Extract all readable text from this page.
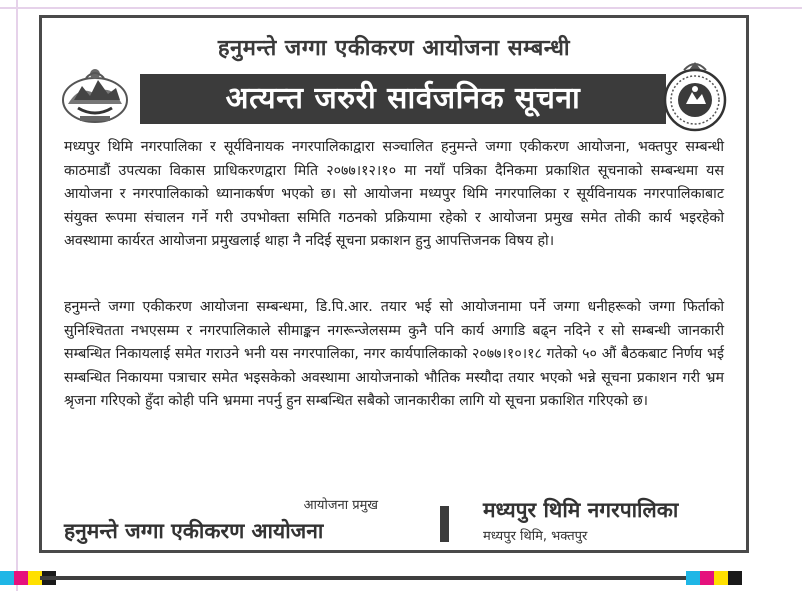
हनुमन्ते जग्गा एकीकरण आयोजना सम्बन्धी
अत्यन्त जरुरी सार्वजनिक सूचना
मध्यपुर थिमि नगरपालिका र सूर्यविनायक नगरपालिकाद्वारा सञ्चालित हनुमन्ते जग्गा एकीकरण आयोजना, भक्तपुर सम्बन्धी काठमाडौं उपत्यका विकास प्राधिकरणद्वारा मिति २०७७।१२।१० मा नयाँ पत्रिका दैनिकमा प्रकाशित सूचनाको सम्बन्धमा यस आयोजना र नगरपालिकाको ध्यानाकर्षण भएको छ। सो आयोजना मध्यपुर थिमि नगरपालिका र सूर्यविनायक नगरपालिकाबाट संयुक्त रूपमा संचालन गर्ने गरी उपभोक्ता समिति गठनको प्रक्रियामा रहेको र आयोजना प्रमुख समेत तोकी कार्य भइरहेको अवस्थामा कार्यरत आयोजना प्रमुखलाई थाहा नै नदिई सूचना प्रकाशन हुनु आपत्तिजनक विषय हो।
हनुमन्ते जग्गा एकीकरण आयोजना सम्बन्धमा, डि.पि.आर. तयार भई सो आयोजनामा पर्ने जग्गा धनीहरूको जग्गा फिर्ताको सुनिश्चितता नभएसम्म र नगरपालिकाले सीमाङ्कन नगरून्जेलसम्म कुनै पनि कार्य अगाडि बढ्न नदिने र सो सम्बन्धी जानकारी सम्बन्धित निकायलाई समेत गराउने भनी यस नगरपालिका, नगर कार्यपालिकाको २०७७।१०।१८ गतेको ५० औं बैठकबाट निर्णय भई सम्बन्धित निकायमा पत्राचार समेत भइसकेको अवस्थामा आयोजनाको भौतिक मस्यौदा तयार भएको भन्ने सूचना प्रकाशन गरी भ्रम श्रृजना गरिएको हुँदा कोही पनि भ्रममा नपर्नु हुन सम्बन्धित सबैको जानकारीका लागि यो सूचना प्रकाशित गरिएको छ।
आयोजना प्रमुख
हनुमन्ते जग्गा एकीकरण आयोजना
मध्यपुर थिमि नगरपालिका
मध्यपुर थिमि, भक्तपुर
